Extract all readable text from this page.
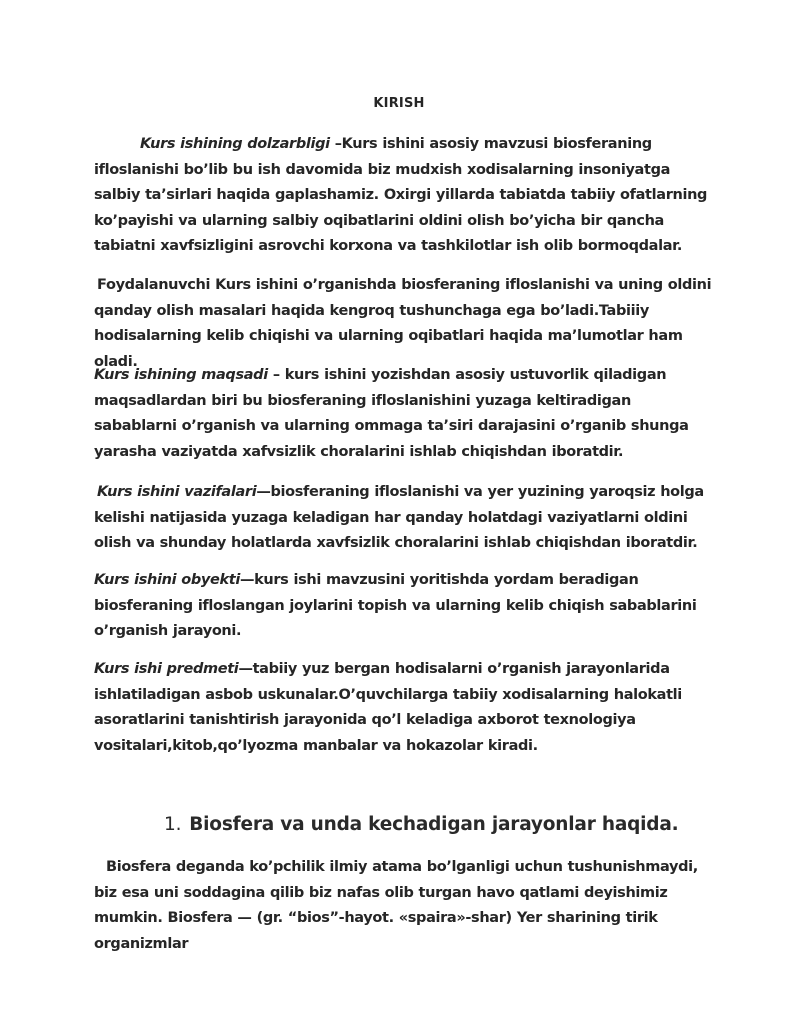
KIRISH

Kurs ishining dolzarbligi –Kurs ishini asosiy mavzusi biosferaning ifloslanishi bo’lib bu ish davomida biz mudxish xodisalarning insoniyatga salbiy ta’sirlari haqida gaplashamiz. Oxirgi yillarda tabiatda tabiiy ofatlarning ko’payishi va ularning salbiy oqibatlarini oldini olish bo’yicha bir qancha tabiatni xavfsizligini asrovchi korxona va tashkilotlar ish olib bormoqdalar.

Foydalanuvchi Kurs ishini o’rganishda biosferaning ifloslanishi va uning oldini qanday olish masalari haqida kengroq tushunchaga ega bo’ladi.Tabiiiy hodisalarning kelib chiqishi va ularning oqibatlari haqida ma’lumotlar ham oladi.

Kurs ishining maqsadi – kurs ishini yozishdan asosiy ustuvorlik qiladigan maqsadlardan biri bu biosferaning ifloslanishini yuzaga keltiradigan sabablarni o’rganish va ularning ommaga ta’siri darajasini o’rganib shunga yarasha vaziyatda xafvsizlik choralarini ishlab chiqishdan iboratdir.

Kurs ishini vazifalari—biosferaning ifloslanishi va yer yuzining yaroqsiz holga kelishi natijasida yuzaga keladigan har qanday holatdagi vaziyatlarni oldini olish va shunday holatlarda xavfsizlik choralarini ishlab chiqishdan iboratdir.

Kurs ishini obyekti—kurs ishi mavzusini yoritishda yordam beradigan biosferaning ifloslangan joylarini topish va ularning kelib chiqish sabablarini o’rganish jarayoni.

Kurs ishi predmeti—tabiiy yuz bergan hodisalarni o’rganish jarayonlarida ishlatiladigan asbob uskunalar.O’quvchilarga tabiiy xodisalarning halokatli asoratlarini tanishtirish jarayonida qo’l keladiga axborot texnologiya vositalari,kitob,qo’lyozma manbalar va hokazolar kiradi.

1. Biosfera va unda kechadigan jarayonlar haqida.

Biosfera deganda ko’pchilik ilmiy atama bo’lganligi uchun tushunishmaydi, biz esa uni soddagina qilib biz nafas olib turgan havo qatlami deyishimiz mumkin. Biosfera — (gr. “bios”-hayot. «spaira»-shar) Yer sharining tirik organizmlar
